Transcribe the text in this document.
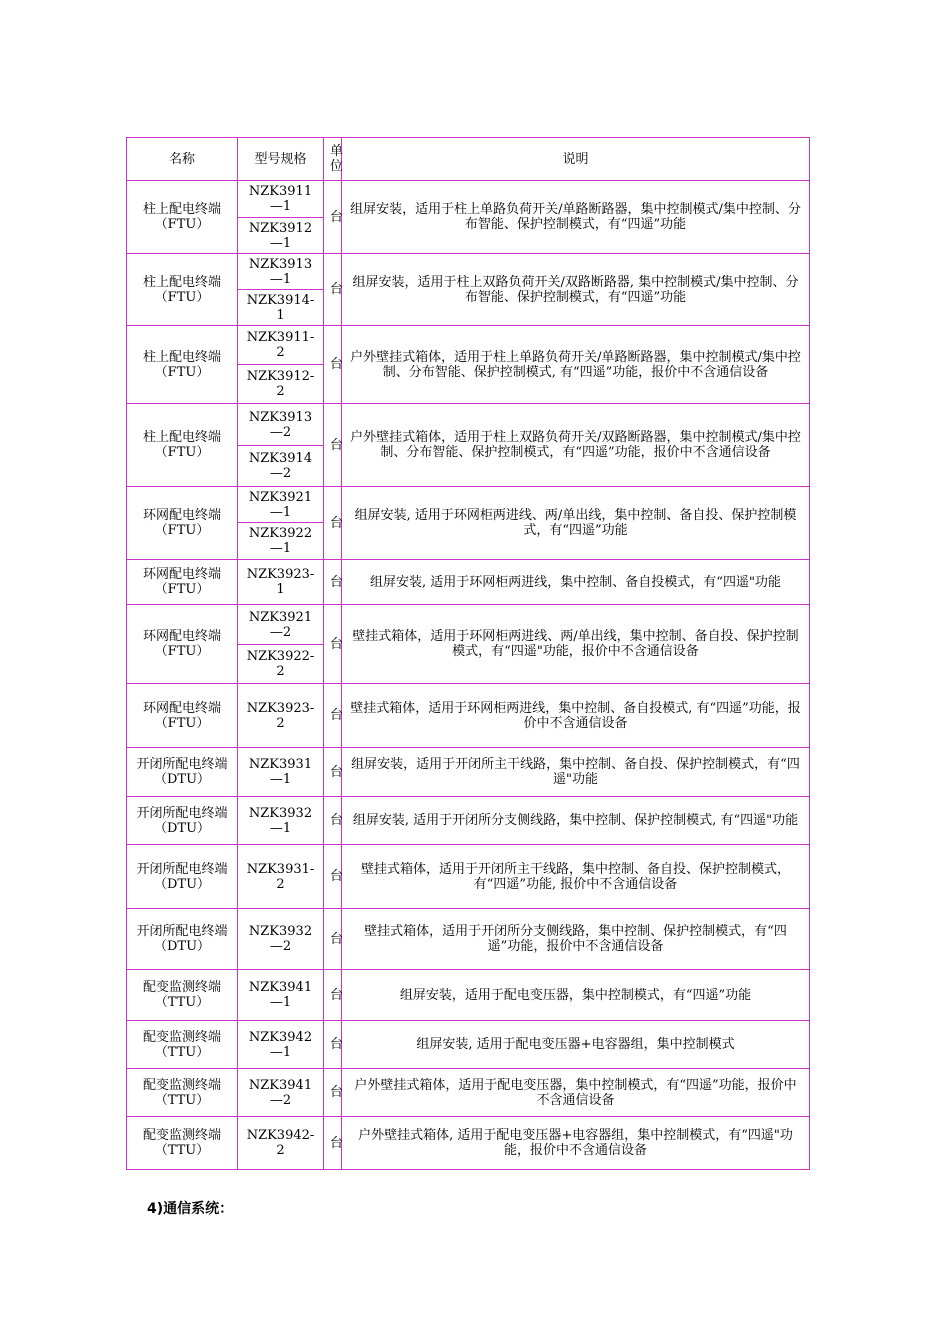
名称	型号规格	单位	说明
柱上配电终端（FTU）	NZK3911—1	台	组屏安装，适用于柱上单路负荷开关/单路断路器，集中控制模式/集中控制、分布智能、保护控制模式，有“四遥”功能
	NZK3912—1		
柱上配电终端（FTU）	NZK3913—1	台	组屏安装，适用于柱上双路负荷开关/双路断路器, 集中控制模式/集中控制、分布智能、保护控制模式，有“四遥”功能
	NZK3914-1		
柱上配电终端（FTU）	NZK3911-2	台	户外壁挂式箱体，适用于柱上单路负荷开关/单路断路器，集中控制模式/集中控制、分布智能、保护控制模式, 有“四遥”功能，报价中不含通信设备
	NZK3912-2		
柱上配电终端（FTU）	NZK3913—2	台	户外壁挂式箱体，适用于柱上双路负荷开关/双路断路器，集中控制模式/集中控制、分布智能、保护控制模式，有“四遥”功能，报价中不含通信设备
	NZK3914—2		
环网配电终端（FTU）	NZK3921—1	台	组屏安装, 适用于环网柜两进线、两/单出线，集中控制、备自投、保护控制模式，有“四遥”功能
	NZK3922—1		
环网配电终端（FTU）	NZK3923-1	台	组屏安装, 适用于环网柜两进线，集中控制、备自投模式，有“四遥"功能
环网配电终端（FTU）	NZK3921—2	台	壁挂式箱体，适用于环网柜两进线、两/单出线，集中控制、备自投、保护控制模式，有“四遥"功能，报价中不含通信设备
	NZK3922-2		
环网配电终端（FTU）	NZK3923-2	台	壁挂式箱体，适用于环网柜两进线，集中控制、备自投模式, 有“四遥”功能，报价中不含通信设备
开闭所配电终端（DTU）	NZK3931—1	台	组屏安装，适用于开闭所主干线路，集中控制、备自投、保护控制模式，有“四遥"功能
开闭所配电终端（DTU）	NZK3932—1	台	组屏安装, 适用于开闭所分支侧线路，集中控制、保护控制模式, 有“四遥"功能
开闭所配电终端（DTU）	NZK3931-2	台	壁挂式箱体，适用于开闭所主干线路，集中控制、备自投、保护控制模式，有“四遥”功能, 报价中不含通信设备
开闭所配电终端（DTU）	NZK3932—2	台	壁挂式箱体，适用于开闭所分支侧线路，集中控制、保护控制模式，有“四遥”功能，报价中不含通信设备
配变监测终端（TTU）	NZK3941—1	台	组屏安装，适用于配电变压器，集中控制模式，有“四遥”功能
配变监测终端（TTU）	NZK3942—1	台	组屏安装, 适用于配电变压器+电容器组，集中控制模式
配变监测终端（TTU）	NZK3941—2	台	户外壁挂式箱体，适用于配电变压器，集中控制模式，有“四遥”功能，报价中不含通信设备
配变监测终端（TTU）	NZK3942-2	台	户外壁挂式箱体, 适用于配电变压器+电容器组，集中控制模式，有“四遥"功能，报价中不含通信设备
4)通信系统：
